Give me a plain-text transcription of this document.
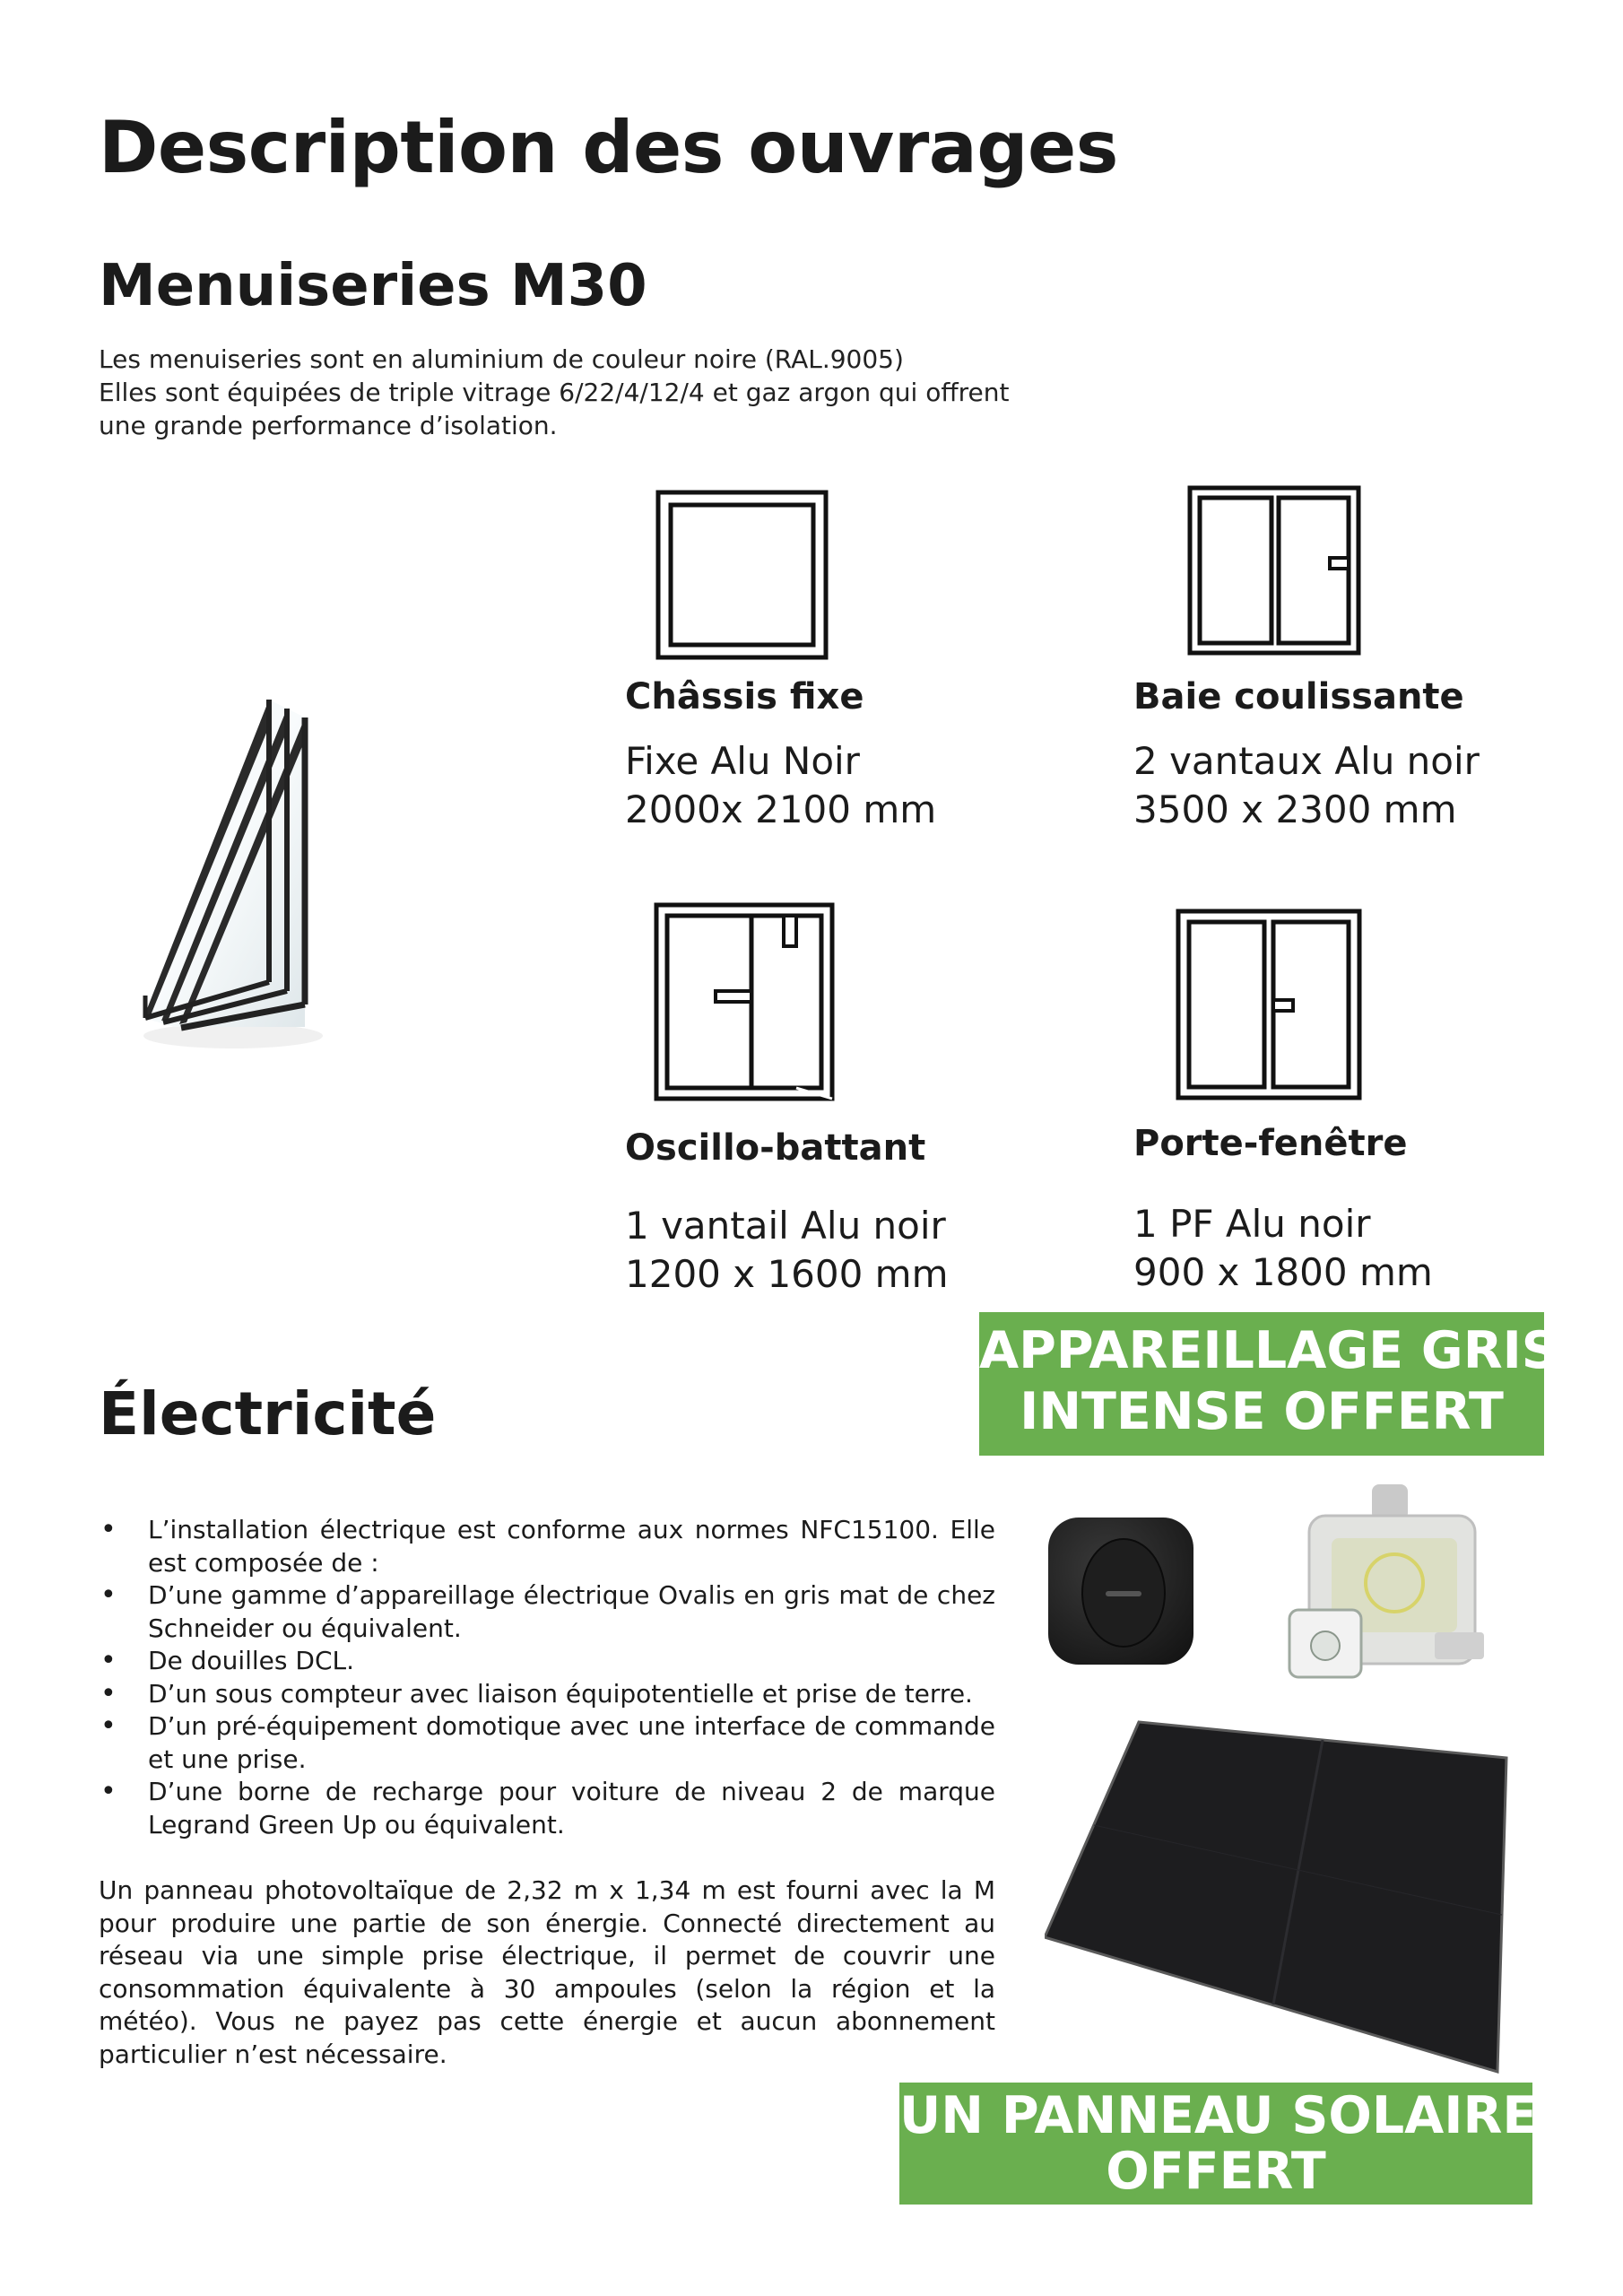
Description des ouvrages
Menuiseries M30
Les menuiseries sont en aluminium de couleur noire (RAL.9005)
Elles sont équipées de triple vitrage 6/22/4/12/4 et gaz argon qui offrent
une grande performance d’isolation.
Châssis fixe
Fixe Alu Noir
2000x 2100 mm
Baie coulissante
2 vantaux Alu noir
3500 x 2300 mm
Oscillo-battant
1 vantail Alu noir
1200 x 1600 mm
Porte-fenêtre
1 PF Alu noir
900 x 1800 mm
APPAREILLAGE GRIS
INTENSE OFFERT
Électricité
• L’installation électrique est conforme aux normes NFC15100. Elle est composée de :
• D’une gamme d’appareillage électrique Ovalis en gris mat de chez Schneider ou équivalent.
• De douilles DCL.
• D’un sous compteur avec liaison équipotentielle et prise de terre.
• D’un pré-équipement domotique avec une interface de commande et une prise.
• D’une borne de recharge pour voiture de niveau 2 de marque Legrand Green Up ou équivalent.
Un panneau photovoltaïque de 2,32 m x 1,34 m est fourni avec la M pour produire une partie de son énergie. Connecté directement au réseau via une simple prise électrique, il permet de couvrir une consommation équivalente à 30 ampoules (selon la région et la météo). Vous ne payez pas cette énergie et aucun abonnement particulier n’est nécessaire.
UN PANNEAU SOLAIRE
OFFERT
